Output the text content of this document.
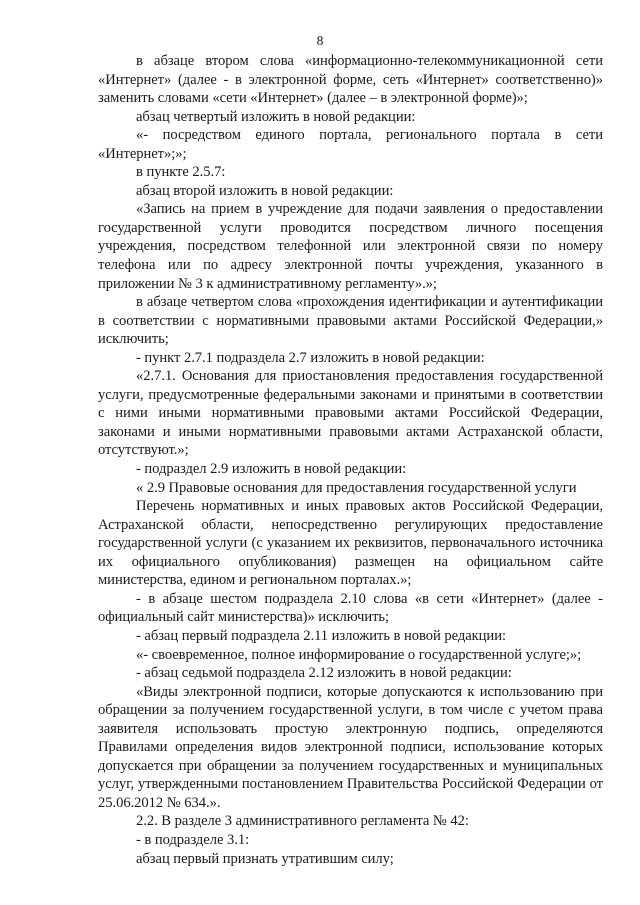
8

в абзаце втором слова «информационно-телекоммуникационной сети «Интернет» (далее - в электронной форме, сеть «Интернет» соответственно)» заменить словами «сети «Интернет» (далее – в электронной форме)»;

абзац четвертый изложить в новой редакции:

«- посредством единого портала, регионального портала в сети «Интернет»;»;

в пункте 2.5.7:

абзац второй изложить в новой редакции:

«Запись на прием в учреждение для подачи заявления о предоставлении государственной услуги проводится посредством личного посещения учреждения, посредством телефонной или электронной связи по номеру телефона или по адресу электронной почты учреждения, указанного в приложении № 3 к административному регламенту».»;

в абзаце четвертом слова «прохождения идентификации и аутентификации в соответствии с нормативными правовыми актами Российской Федерации,» исключить;

- пункт 2.7.1 подраздела 2.7 изложить в новой редакции:

«2.7.1. Основания для приостановления предоставления государственной услуги, предусмотренные федеральными законами и принятыми в соответствии с ними иными нормативными правовыми актами Российской Федерации, законами и иными нормативными правовыми актами Астраханской области, отсутствуют.»;

- подраздел 2.9 изложить в новой редакции:

« 2.9 Правовые основания для предоставления государственной услуги

Перечень нормативных и иных правовых актов Российской Федерации, Астраханской области, непосредственно регулирующих предоставление государственной услуги (с указанием их реквизитов, первоначального источника их официального опубликования) размещен на официальном сайте министерства, едином и региональном порталах.»;

- в абзаце шестом подраздела 2.10 слова «в сети «Интернет» (далее - официальный сайт министерства)» исключить;

- абзац первый подраздела 2.11 изложить в новой редакции:

«- своевременное, полное информирование о государственной услуге;»;

- абзац седьмой подраздела 2.12 изложить в новой редакции:

«Виды электронной подписи, которые допускаются к использованию при обращении за получением государственной услуги, в том числе с учетом права заявителя использовать простую электронную подпись, определяются Правилами определения видов электронной подписи, использование которых допускается при обращении за получением государственных и муниципальных услуг, утвержденными постановлением Правительства Российской Федерации от 25.06.2012 № 634.».

2.2. В разделе 3 административного регламента № 42:

- в подразделе 3.1:

абзац первый признать утратившим силу;
